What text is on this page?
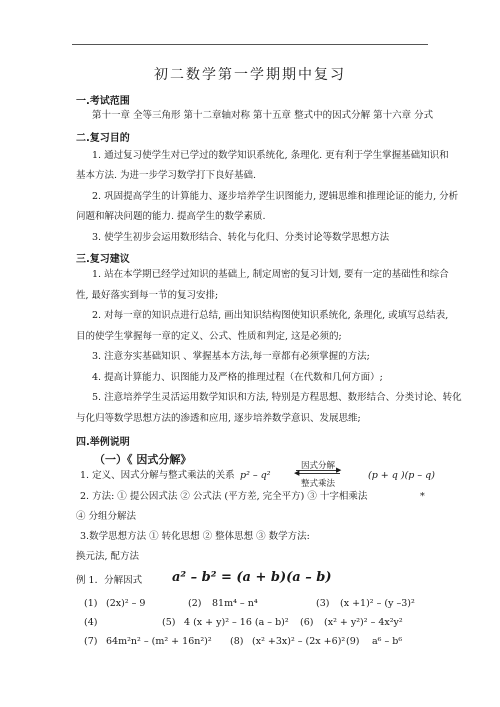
初二数学第一学期期中复习
一.考试范围
第十一章 全等三角形 第十二章轴对称 第十五章 整式中的因式分解 第十六章 分式
二.复习目的
1. 通过复习使学生对已学过的数学知识系统化, 条理化. 更有利于学生掌握基础知识和
基本方法. 为进一步学习数学打下良好基础.
2. 巩固提高学生的计算能力、逐步培养学生识图能力, 逻辑思维和推理论证的能力, 分析
问题和解决问题的能力. 提高学生的数学素质.
3. 使学生初步会运用数形结合、转化与化归、分类讨论等数学思想方法
三.复习建议
1. 站在本学期已经学过知识的基础上, 制定周密的复习计划, 要有一定的基础性和综合
性, 最好落实到每一节的复习安排;
2. 对每一章的知识点进行总结, 画出知识结构图使知识系统化, 条理化, 或填写总结表,
目的使学生掌握每一章的定义、公式、性质和判定, 这是必须的;
3. 注意夯实基础知识 、掌握基本方法,每一章都有必须掌握的方法;
4. 提高计算能力、识图能力及严格的推理过程（在代数和几何方面）;
5. 注意培养学生灵活运用数学知识和方法, 特别是方程思想、数形结合、分类讨论、转化
与化归等数学思想方法的渗透和应用, 逐步培养数学意识、发展思维;
四.举例说明
（一）《 因式分解》
1. 定义、因式分解与整式乘法的关系 p² – q²
因式分解 ▶
◀
整式乘法
(p + q )(p – q)
2. 方法: ① 提公因式法 ② 公式法 (平方差, 完全平方) ③ 十字相乘法	*
④ 分组分解法
3.数学思想方法 ① 转化思想 ② 整体思想 ③ 数学方法:
换元法, 配方法
例 1．分解因式 a² – b² = (a + b)(a – b)
(1) (2x)² – 9	(2) 81m⁴ – n⁴	(3) (x +1)² – (y –3)²
(4)	(5) 4 (x + y)² – 16 (a – b)² (6) (x² + y²)² – 4x²y²
(7) 64m²n² – (m² + 16n²)² (8) (x² +3x)² – (2x +6)² (9) a⁶ – b⁶
